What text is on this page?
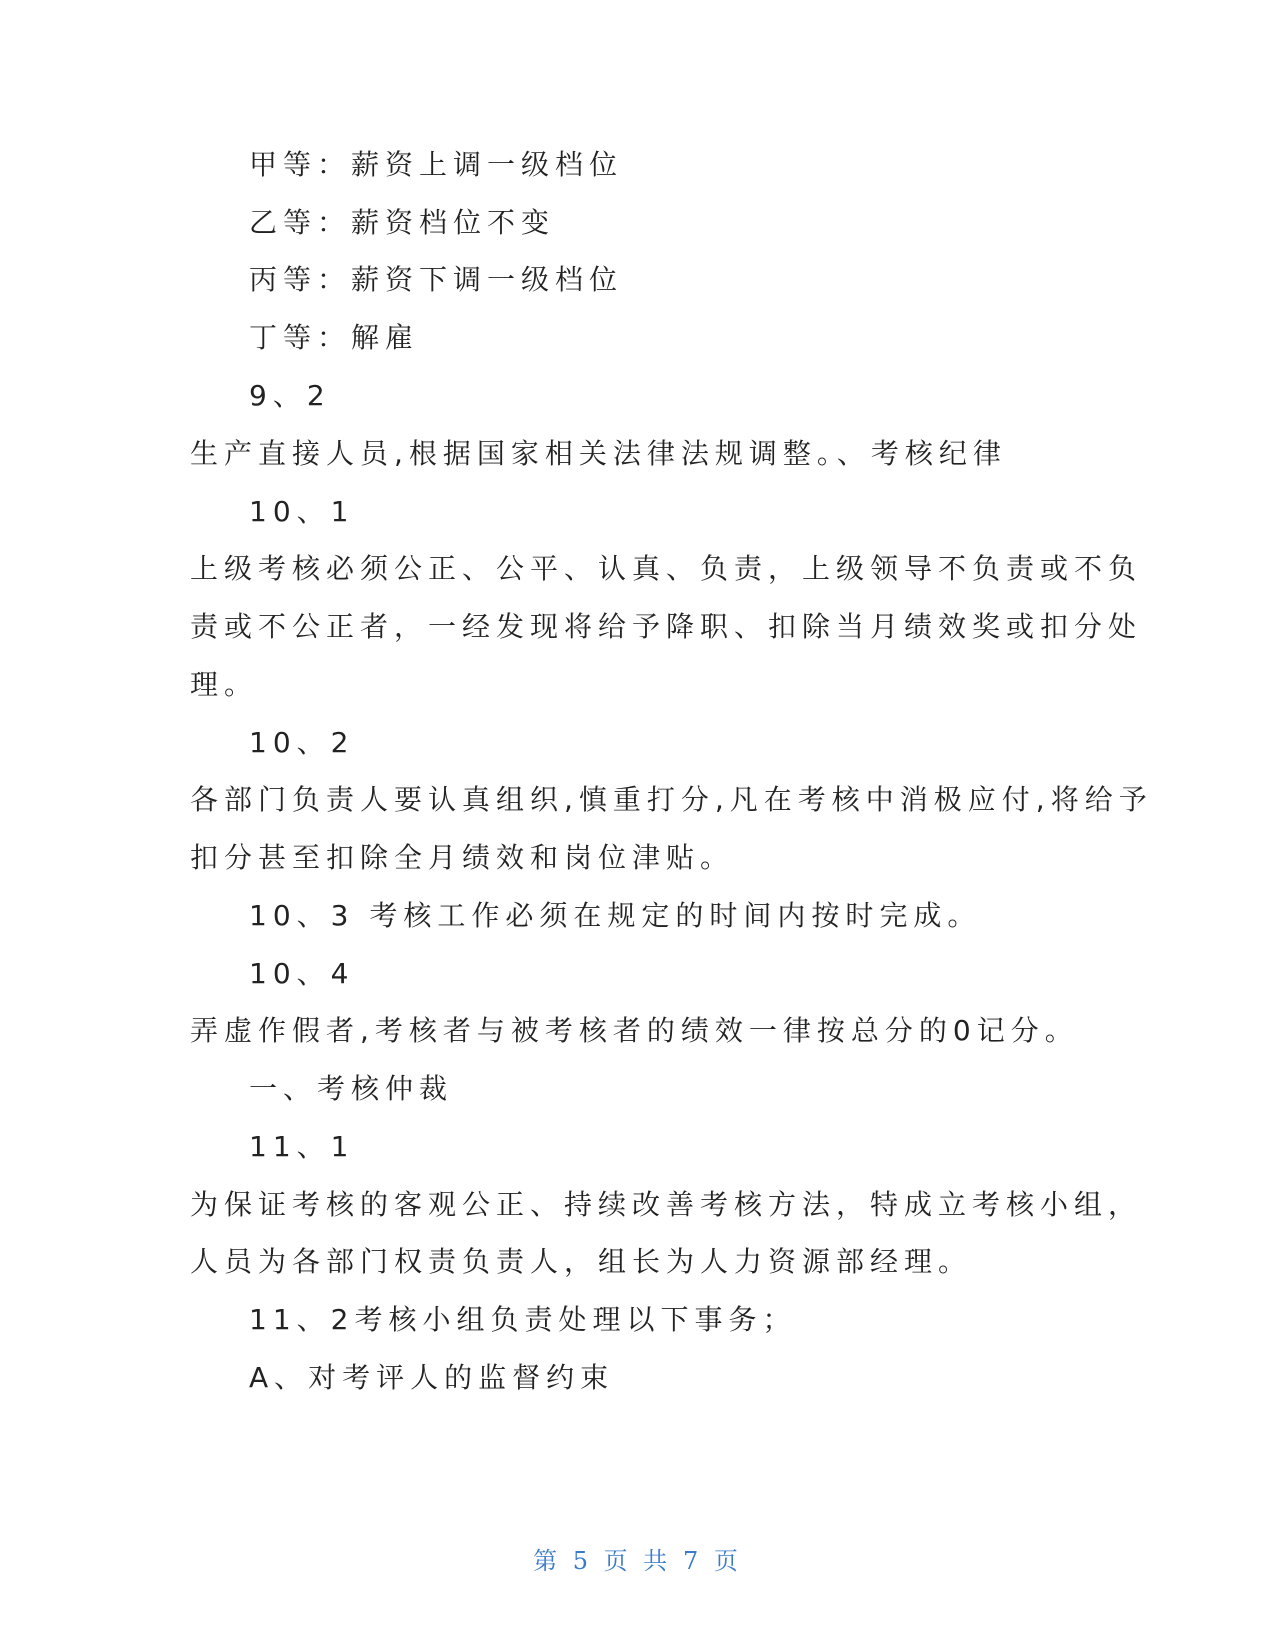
甲等：薪资上调一级档位
乙等：薪资档位不变
丙等：薪资下调一级档位
丁等：解雇
9、2
生产直接人员,根据国家相关法律法规调整。、考核纪律
10、1
上级考核必须公正、公平、认真、负责，上级领导不负责或不负
责或不公正者，一经发现将给予降职、扣除当月绩效奖或扣分处
理。
10、2
各部门负责人要认真组织,慎重打分,凡在考核中消极应付,将给予
扣分甚至扣除全月绩效和岗位津贴。
10、3 考核工作必须在规定的时间内按时完成。
10、4
弄虚作假者,考核者与被考核者的绩效一律按总分的0记分。
一、考核仲裁
11、1
为保证考核的客观公正、持续改善考核方法，特成立考核小组，
人员为各部门权责负责人，组长为人力资源部经理。
11、2考核小组负责处理以下事务；
A、对考评人的监督约束
第 5 页 共 7 页
